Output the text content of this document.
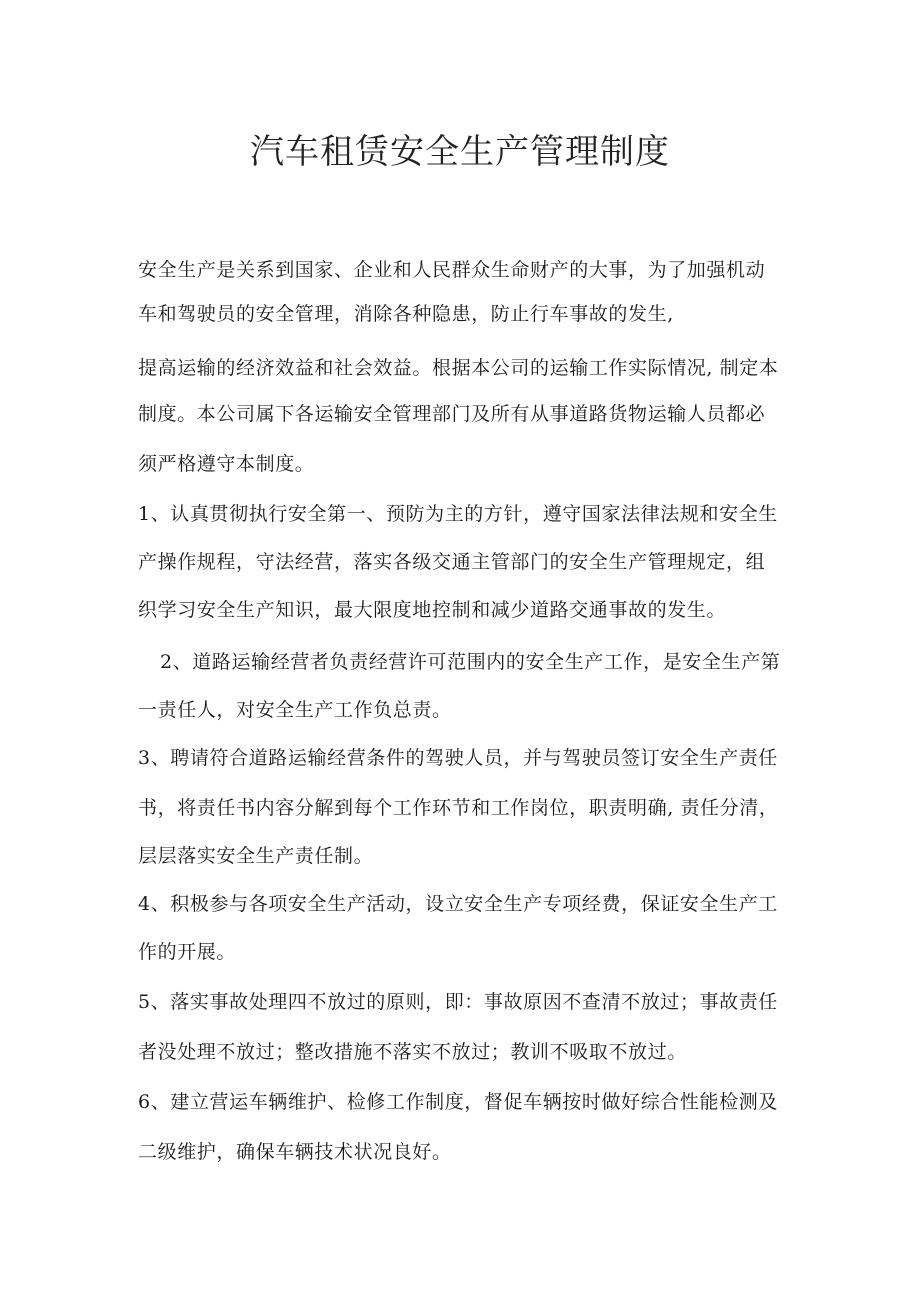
汽车租赁安全生产管理制度
安全生产是关系到国家、企业和人民群众生命财产的大事，为了加强机动
车和驾驶员的安全管理，消除各种隐患，防止行车事故的发生,
提高运输的经济效益和社会效益。根据本公司的运输工作实际情况, 制定本
制度。本公司属下各运输安全管理部门及所有从事道路货物运输人员都必
须严格遵守本制度。
1、认真贯彻执行安全第一、预防为主的方针，遵守国家法律法规和安全生
产操作规程，守法经营，落实各级交通主管部门的安全生产管理规定，组
织学习安全生产知识，最大限度地控制和减少道路交通事故的发生。
2、道路运输经营者负责经营许可范围内的安全生产工作，是安全生产第
一责任人，对安全生产工作负总责。
3、聘请符合道路运输经营条件的驾驶人员，并与驾驶员签订安全生产责任
书，将责任书内容分解到每个工作环节和工作岗位，职责明确, 责任分清，
层层落实安全生产责任制。
4、积极参与各项安全生产活动，设立安全生产专项经费，保证安全生产工
作的开展。
5、落实事故处理四不放过的原则，即：事故原因不查清不放过；事故责任
者没处理不放过；整改措施不落实不放过；教训不吸取不放过。
6、建立营运车辆维护、检修工作制度，督促车辆按时做好综合性能检测及
二级维护，确保车辆技术状况良好。
